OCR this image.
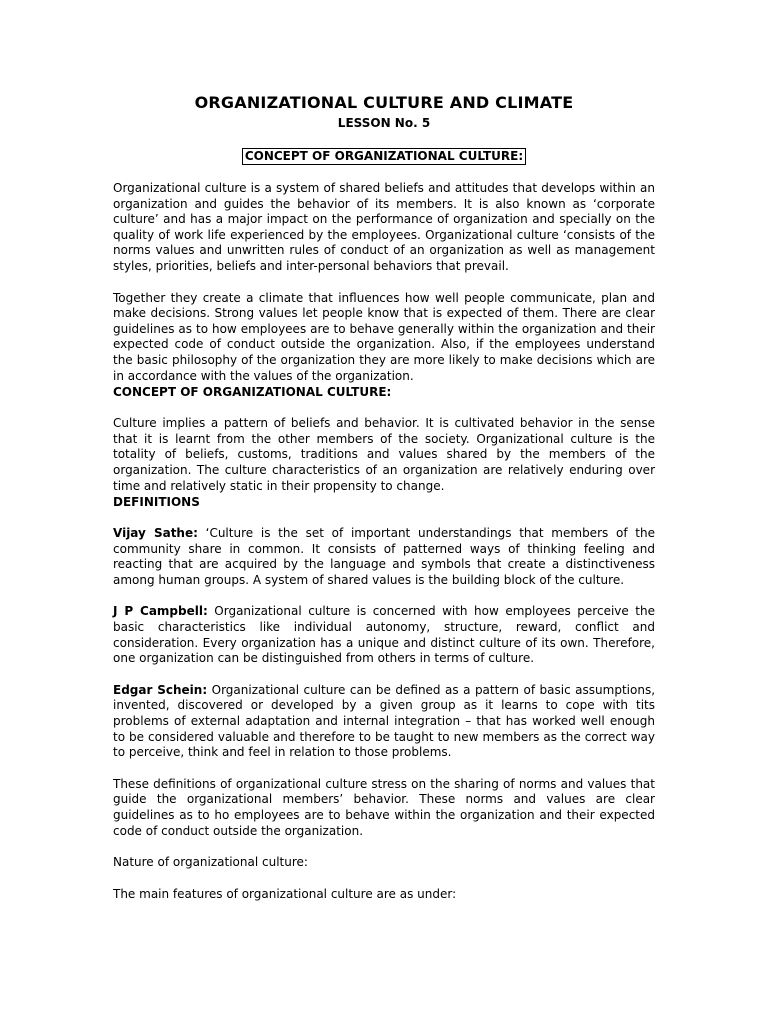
ORGANIZATIONAL CULTURE AND CLIMATE
LESSON No. 5
CONCEPT OF ORGANIZATIONAL CULTURE:

Organizational culture is a system of shared beliefs and attitudes that develops within an organization and guides the behavior of its members. It is also known as ‘corporate culture’ and has a major impact on the performance of organization and specially on the quality of work life experienced by the employees. Organizational culture ‘consists of the norms values and unwritten rules of conduct of an organization as well as management styles, priorities, beliefs and inter-personal behaviors that prevail.

Together they create a climate that influences how well people communicate, plan and make decisions. Strong values let people know that is expected of them. There are clear guidelines as to how employees are to behave generally within the organization and their expected code of conduct outside the organization. Also, if the employees understand the basic philosophy of the organization they are more likely to make decisions which are in accordance with the values of the organization.

CONCEPT OF ORGANIZATIONAL CULTURE:

Culture implies a pattern of beliefs and behavior. It is cultivated behavior in the sense that it is learnt from the other members of the society. Organizational culture is the totality of beliefs, customs, traditions and values shared by the members of the organization. The culture characteristics of an organization are relatively enduring over time and relatively static in their propensity to change.

DEFINITIONS

Vijay Sathe: ‘Culture is the set of important understandings that members of the community share in common. It consists of patterned ways of thinking feeling and reacting that are acquired by the language and symbols that create a distinctiveness among human groups. A system of shared values is the building block of the culture.

J P Campbell: Organizational culture is concerned with how employees perceive the basic characteristics like individual autonomy, structure, reward, conflict and consideration. Every organization has a unique and distinct culture of its own. Therefore, one organization can be distinguished from others in terms of culture.

Edgar Schein: Organizational culture can be defined as a pattern of basic assumptions, invented, discovered or developed by a given group as it learns to cope with tits problems of external adaptation and internal integration – that has worked well enough to be considered valuable and therefore to be taught to new members as the correct way to perceive, think and feel in relation to those problems.

These definitions of organizational culture stress on the sharing of norms and values that guide the organizational members’ behavior. These norms and values are clear guidelines as to ho employees are to behave within the organization and their expected code of conduct outside the organization.

Nature of organizational culture:

The main features of organizational culture are as under:
